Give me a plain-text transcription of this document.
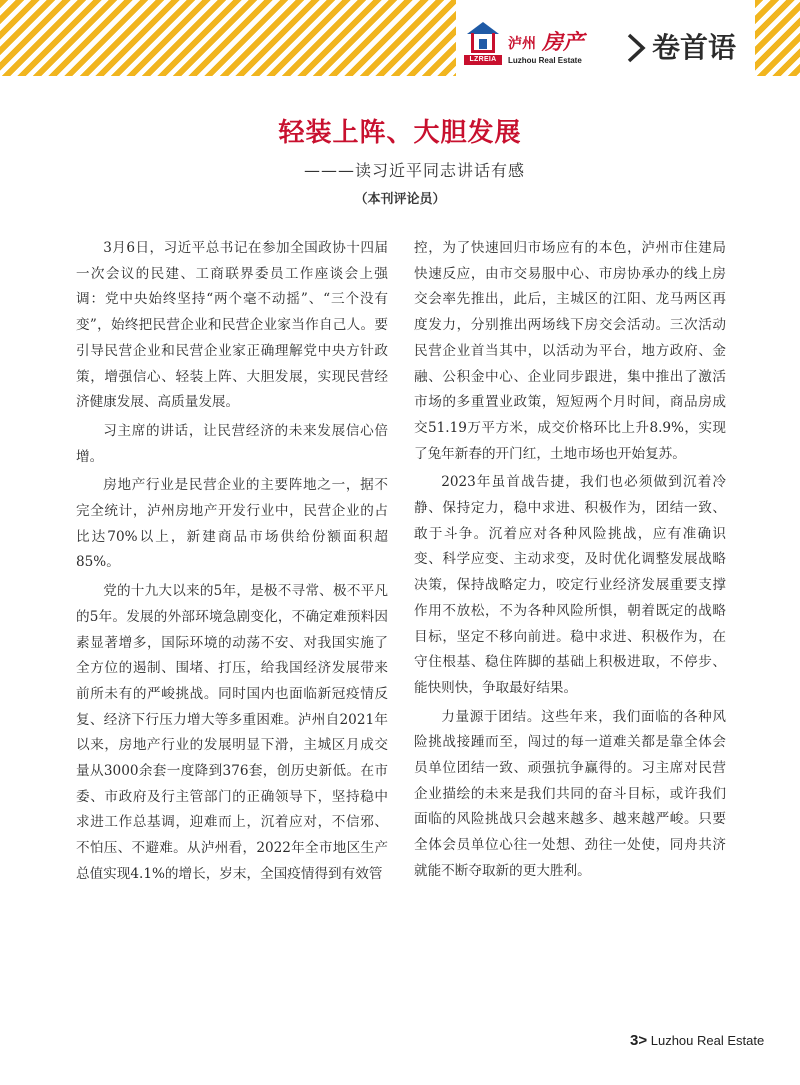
LZREIA
泸州 房产
Luzhou Real Estate	卷首语
轻装上阵、大胆发展
———读习近平同志讲话有感
（本刊评论员）

3月6日，习近平总书记在参加全国政协十四届一次会议的民建、工商联界委员工作座谈会上强调：党中央始终坚持“两个毫不动摇”、“三个没有变”，始终把民营企业和民营企业家当作自己人。要引导民营企业和民营企业家正确理解党中央方针政策，增强信心、轻装上阵、大胆发展，实现民营经济健康发展、高质量发展。

习主席的讲话，让民营经济的未来发展信心倍增。

房地产行业是民营企业的主要阵地之一，据不完全统计，泸州房地产开发行业中，民营企业的占比达70%以上，新建商品市场供给份额面积超85%。

党的十九大以来的5年，是极不寻常、极不平凡的5年。发展的外部环境急剧变化，不确定难预料因素显著增多，国际环境的动荡不安、对我国实施了全方位的遏制、围堵、打压，给我国经济发展带来前所未有的严峻挑战。同时国内也面临新冠疫情反复、经济下行压力增大等多重困难。泸州自2021年以来，房地产行业的发展明显下滑，主城区月成交量从3000余套一度降到376套，创历史新低。在市委、市政府及行主管部门的正确领导下，坚持稳中求进工作总基调，迎难而上，沉着应对，不信邪、不怕压、不避难。从泸州看，2022年全市地区生产总值实现4.1%的增长，岁末，全国疫情得到有效管

控，为了快速回归市场应有的本色，泸州市住建局快速反应，由市交易服中心、市房协承办的线上房交会率先推出，此后，主城区的江阳、龙马两区再度发力，分别推出两场线下房交会活动。三次活动民营企业首当其中，以活动为平台，地方政府、金融、公积金中心、企业同步跟进，集中推出了激活市场的多重置业政策，短短两个月时间，商品房成交51.19万平方米，成交价格环比上升8.9%，实现了兔年新春的开门红，土地市场也开始复苏。

2023年虽首战告捷，我们也必须做到沉着冷静、保持定力，稳中求进、积极作为，团结一致、敢于斗争。沉着应对各种风险挑战，应有准确识变、科学应变、主动求变，及时优化调整发展战略决策，保持战略定力，咬定行业经济发展重要支撑作用不放松，不为各种风险所惧，朝着既定的战略目标，坚定不移向前进。稳中求进、积极作为，在守住根基、稳住阵脚的基础上积极进取，不停步、能快则快，争取最好结果。

力量源于团结。这些年来，我们面临的各种风险挑战接踵而至，闯过的每一道难关都是靠全体会员单位团结一致、顽强抗争赢得的。习主席对民营企业描绘的未来是我们共同的奋斗目标，或许我们面临的风险挑战只会越来越多、越来越严峻。只要全体会员单位心往一处想、劲往一处使，同舟共济就能不断夺取新的更大胜利。

3> Luzhou Real Estate
